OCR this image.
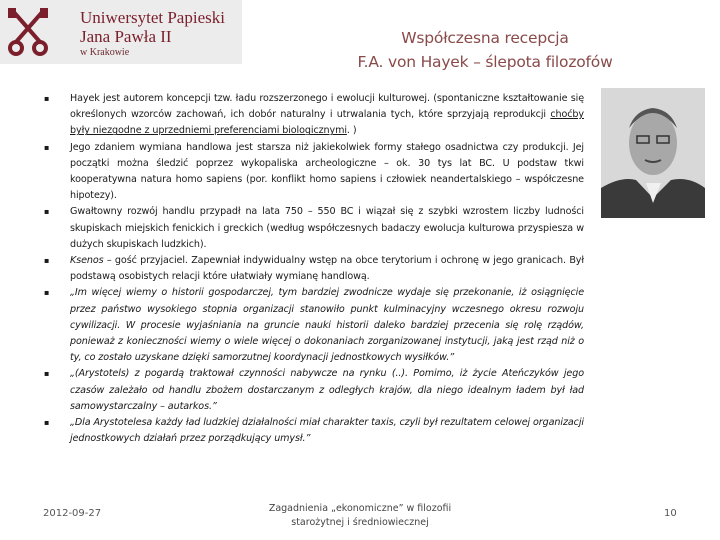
Uniwersytet Papieski
Jana Pawła II
w Krakowie
Współczesna recepcja
F.A. von Hayek – ślepota filozofów
▪ Hayek jest autorem koncepcji tzw. ładu rozszerzonego i ewolucji kulturowej. (spontaniczne kształtowanie się określonych wzorców zachowań, ich dobór naturalny i utrwalania tych, które sprzyjają reprodukcji choćby były niezgodne z uprzedniemi preferenciami biologicznymi. )
▪ Jego zdaniem wymiana handlowa jest starsza niż jakiekolwiek formy stałego osadnictwa czy produkcji. Jej początki można śledzić poprzez wykopaliska archeologiczne – ok. 30 tys lat BC. U podstaw tkwi kooperatywna natura homo sapiens (por. konflikt homo sapiens i człowiek neandertalskiego – współczesne hipotezy).
▪ Gwałtowny rozwój handlu przypadł na lata 750 – 550 BC i wiązał się z szybki wzrostem liczby ludności skupiskach miejskich fenickich i greckich (według współczesnych badaczy ewolucja kulturowa przyspiesza w dużych skupiskach ludzkich).
▪ Ksenos – gość przyjaciel. Zapewniał indywidualny wstęp na obce terytorium i ochronę w jego granicach. Był podstawą osobistych relacji które ułatwiały wymianę handlową.
▪ „Im więcej wiemy o historii gospodarczej, tym bardziej zwodnicze wydaje się przekonanie, iż osiągnięcie przez państwo wysokiego stopnia organizacji stanowiło punkt kulminacyjny wczesnego okresu rozwoju cywilizacji. W procesie wyjaśniania na gruncie nauki historii daleko bardziej przecenia się rolę rządów, ponieważ z konieczności wiemy o wiele więcej o dokonaniach zorganizowanej instytucji, jaką jest rząd niż o ty, co zostało uzyskane dzięki samorzutnej koordynacji jednostkowych wysiłków.”
▪ „(Arystotels) z pogardą traktował czynności nabywcze na rynku (..). Pomimo, iż życie Ateńczyków jego czasów zależało od handlu zbożem dostarczanym z odległych krajów, dla niego idealnym ładem był ład samowystarczalny – autarkos.”
▪ „Dla Arystotelesa każdy ład ludzkiej działalności miał charakter taxis, czyli był rezultatem celowej organizacji jednostkowych działań przez porządkujący umysł.”
2012-09-27	Zagadnienia „ekonomiczne” w filozofii
starożytnej i średniowiecznej
10
